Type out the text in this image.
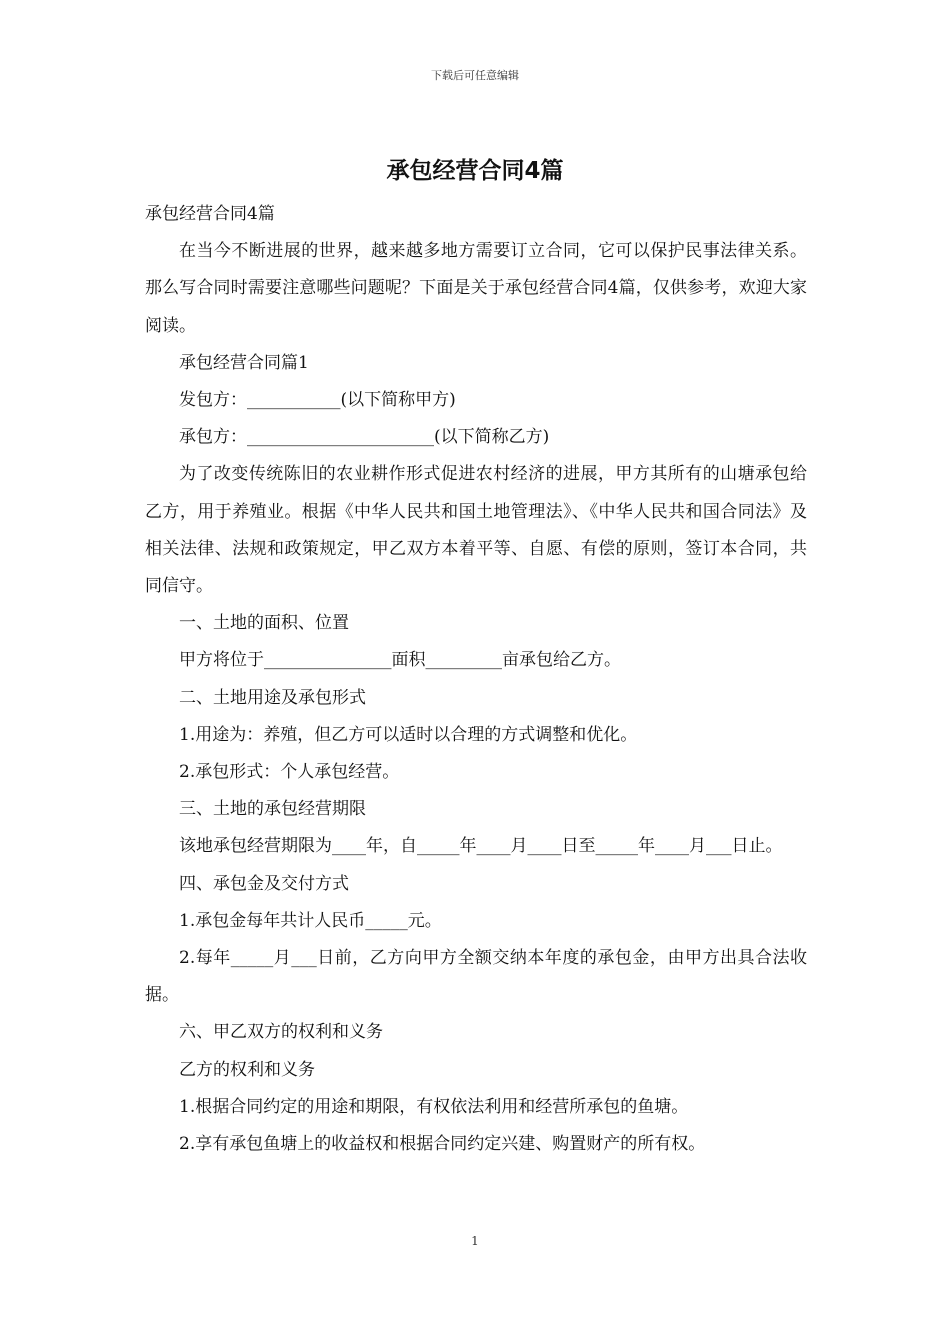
下载后可任意编辑
承包经营合同4篇

承包经营合同4篇

在当今不断进展的世界，越来越多地方需要订立合同，它可以保护民事法律关系。那么写合同时需要注意哪些问题呢？下面是关于承包经营合同4篇，仅供参考，欢迎大家阅读。

承包经营合同篇1

发包方：___________(以下简称甲方)

承包方：______________________(以下简称乙方)

为了改变传统陈旧的农业耕作形式促进农村经济的进展，甲方其所有的山塘承包给乙方，用于养殖业。根据《中华人民共和国土地管理法》、《中华人民共和国合同法》及相关法律、法规和政策规定，甲乙双方本着平等、自愿、有偿的原则，签订本合同，共同信守。

一、土地的面积、位置

甲方将位于_______________面积_________亩承包给乙方。

二、土地用途及承包形式

1.用途为：养殖，但乙方可以适时以合理的方式调整和优化。

2.承包形式：个人承包经营。

三、土地的承包经营期限

该地承包经营期限为____年，自_____年____月____日至_____年____月___日止。

四、承包金及交付方式

1.承包金每年共计人民币_____元。

2.每年_____月___日前，乙方向甲方全额交纳本年度的承包金，由甲方出具合法收据。

六、甲乙双方的权利和义务

乙方的权利和义务

1.根据合同约定的用途和期限，有权依法利用和经营所承包的鱼塘。

2.享有承包鱼塘上的收益权和根据合同约定兴建、购置财产的所有权。

1
